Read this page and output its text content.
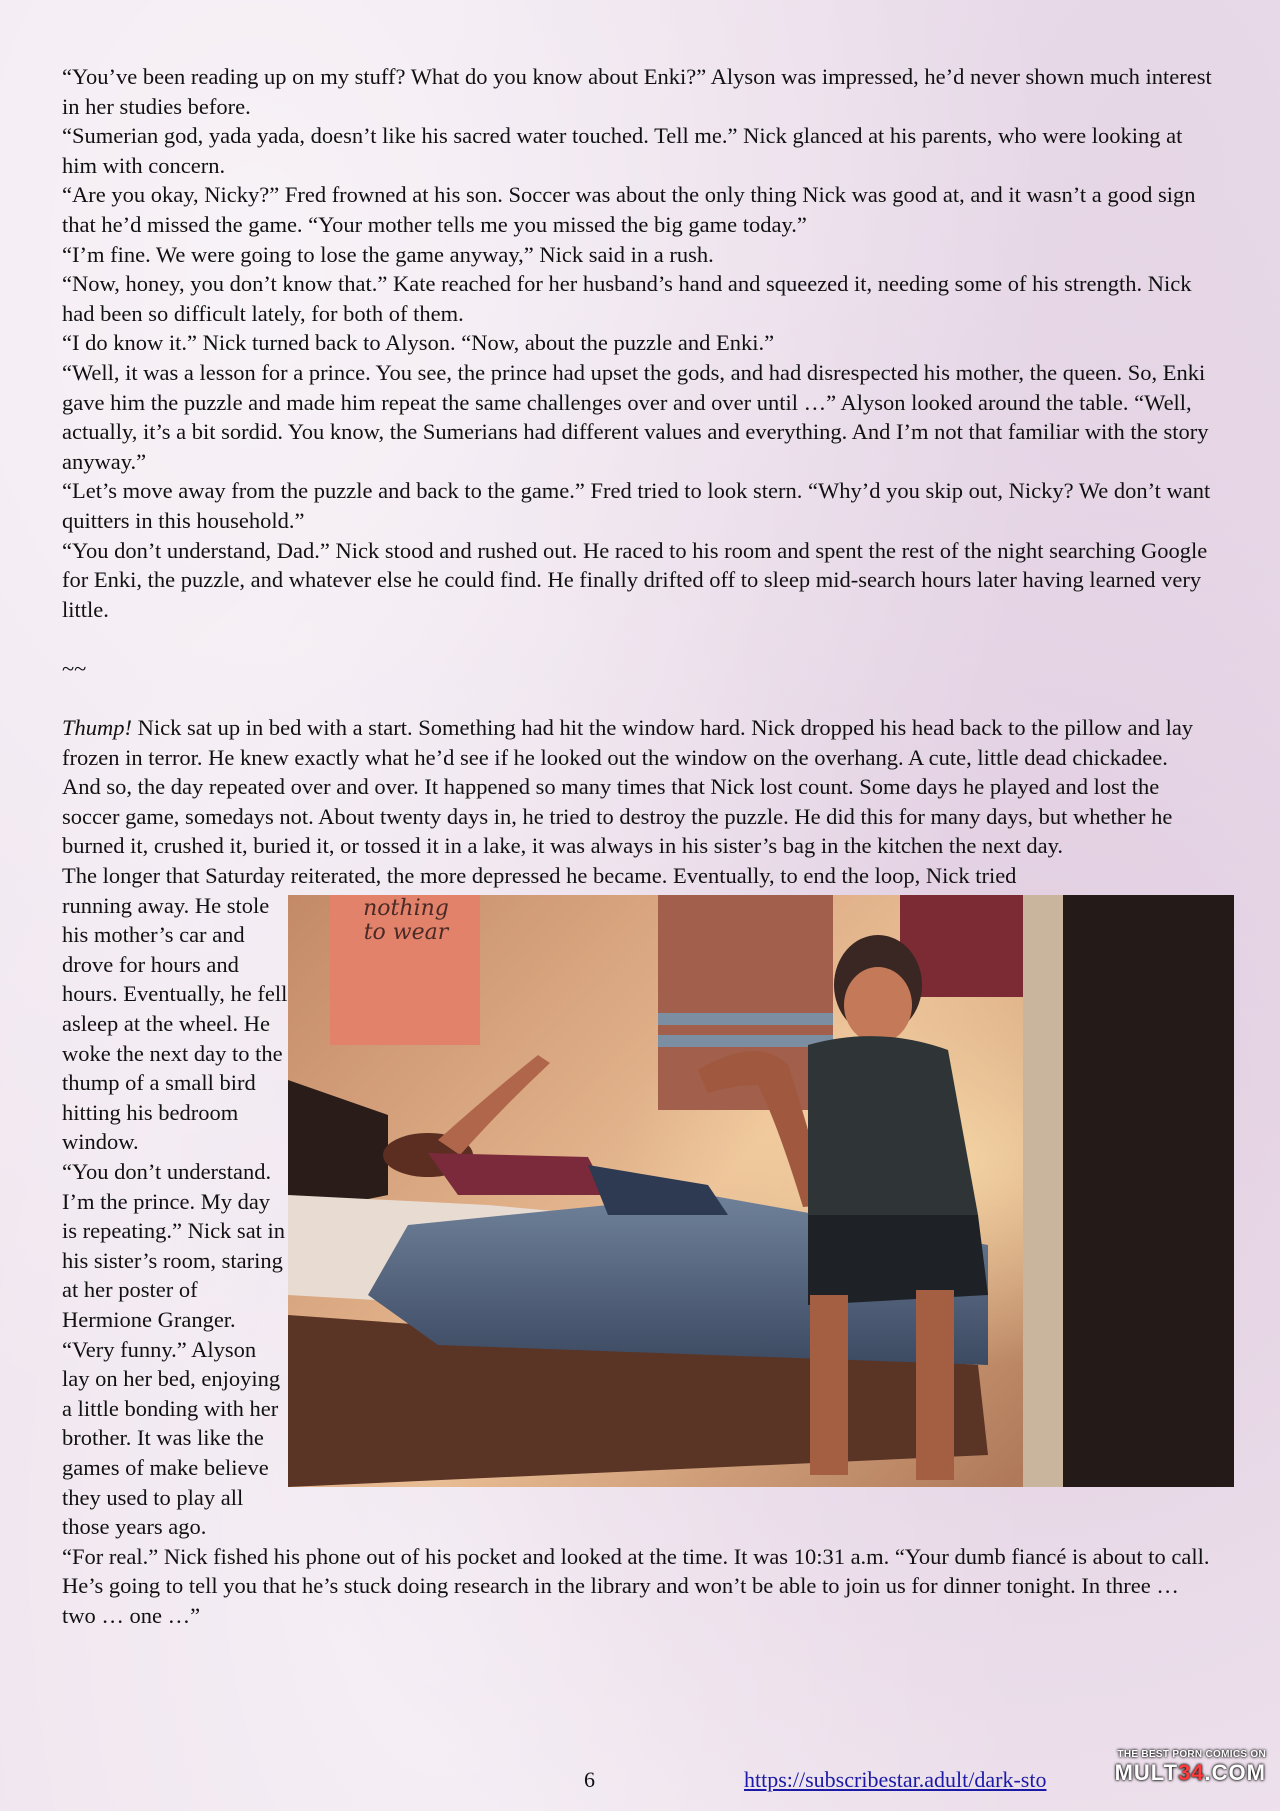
“You’ve been reading up on my stuff? What do you know about Enki?” Alyson was impressed, he’d never shown much interest in her studies before.

“Sumerian god, yada yada, doesn’t like his sacred water touched. Tell me.” Nick glanced at his parents, who were looking at him with concern.

“Are you okay, Nicky?” Fred frowned at his son. Soccer was about the only thing Nick was good at, and it wasn’t a good sign that he’d missed the game. “Your mother tells me you missed the big game today.”

“I’m fine. We were going to lose the game anyway,” Nick said in a rush.

“Now, honey, you don’t know that.” Kate reached for her husband’s hand and squeezed it, needing some of his strength. Nick had been so difficult lately, for both of them.

“I do know it.” Nick turned back to Alyson. “Now, about the puzzle and Enki.”

“Well, it was a lesson for a prince. You see, the prince had upset the gods, and had disrespected his mother, the queen. So, Enki gave him the puzzle and made him repeat the same challenges over and over until …” Alyson looked around the table. “Well, actually, it’s a bit sordid. You know, the Sumerians had different values and everything. And I’m not that familiar with the story anyway.”

“Let’s move away from the puzzle and back to the game.” Fred tried to look stern. “Why’d you skip out, Nicky? We don’t want quitters in this household.”

“You don’t understand, Dad.” Nick stood and rushed out. He raced to his room and spent the rest of the night searching Google for Enki, the puzzle, and whatever else he could find. He finally drifted off to sleep mid-search hours later having learned very little.

~~

Thump! Nick sat up in bed with a start. Something had hit the window hard. Nick dropped his head back to the pillow and lay frozen in terror. He knew exactly what he’d see if he looked out the window on the overhang. A cute, little dead chickadee.

And so, the day repeated over and over. It happened so many times that Nick lost count. Some days he played and lost the soccer game, somedays not. About twenty days in, he tried to destroy the puzzle. He did this for many days, but whether he burned it, crushed it, buried it, or tossed it in a lake, it was always in his sister’s bag in the kitchen the next day.

The longer that Saturday reiterated, the more depressed he became. Eventually, to end the loop, Nick tried

nothing
to wear

running away. He stole his mother’s car and drove for hours and hours. Eventually, he fell asleep at the wheel. He woke the next day to the thump of a small bird hitting his bedroom window.

“You don’t understand. I’m the prince. My day is repeating.” Nick sat in his sister’s room, staring at her poster of Hermione Granger.

“Very funny.” Alyson lay on her bed, enjoying a little bonding with her brother. It was like the games of make believe they used to play all those years ago.

“For real.” Nick fished his phone out of his pocket and looked at the time. It was 10:31 a.m. “Your dumb fiancé is about to call. He’s going to tell you that he’s stuck doing research in the library and won’t be able to join us for dinner tonight. In three … two … one …”

6	https://subscribestar.adult/dark-sto
THE BEST PORN COMICS ON
MULT34.COM
